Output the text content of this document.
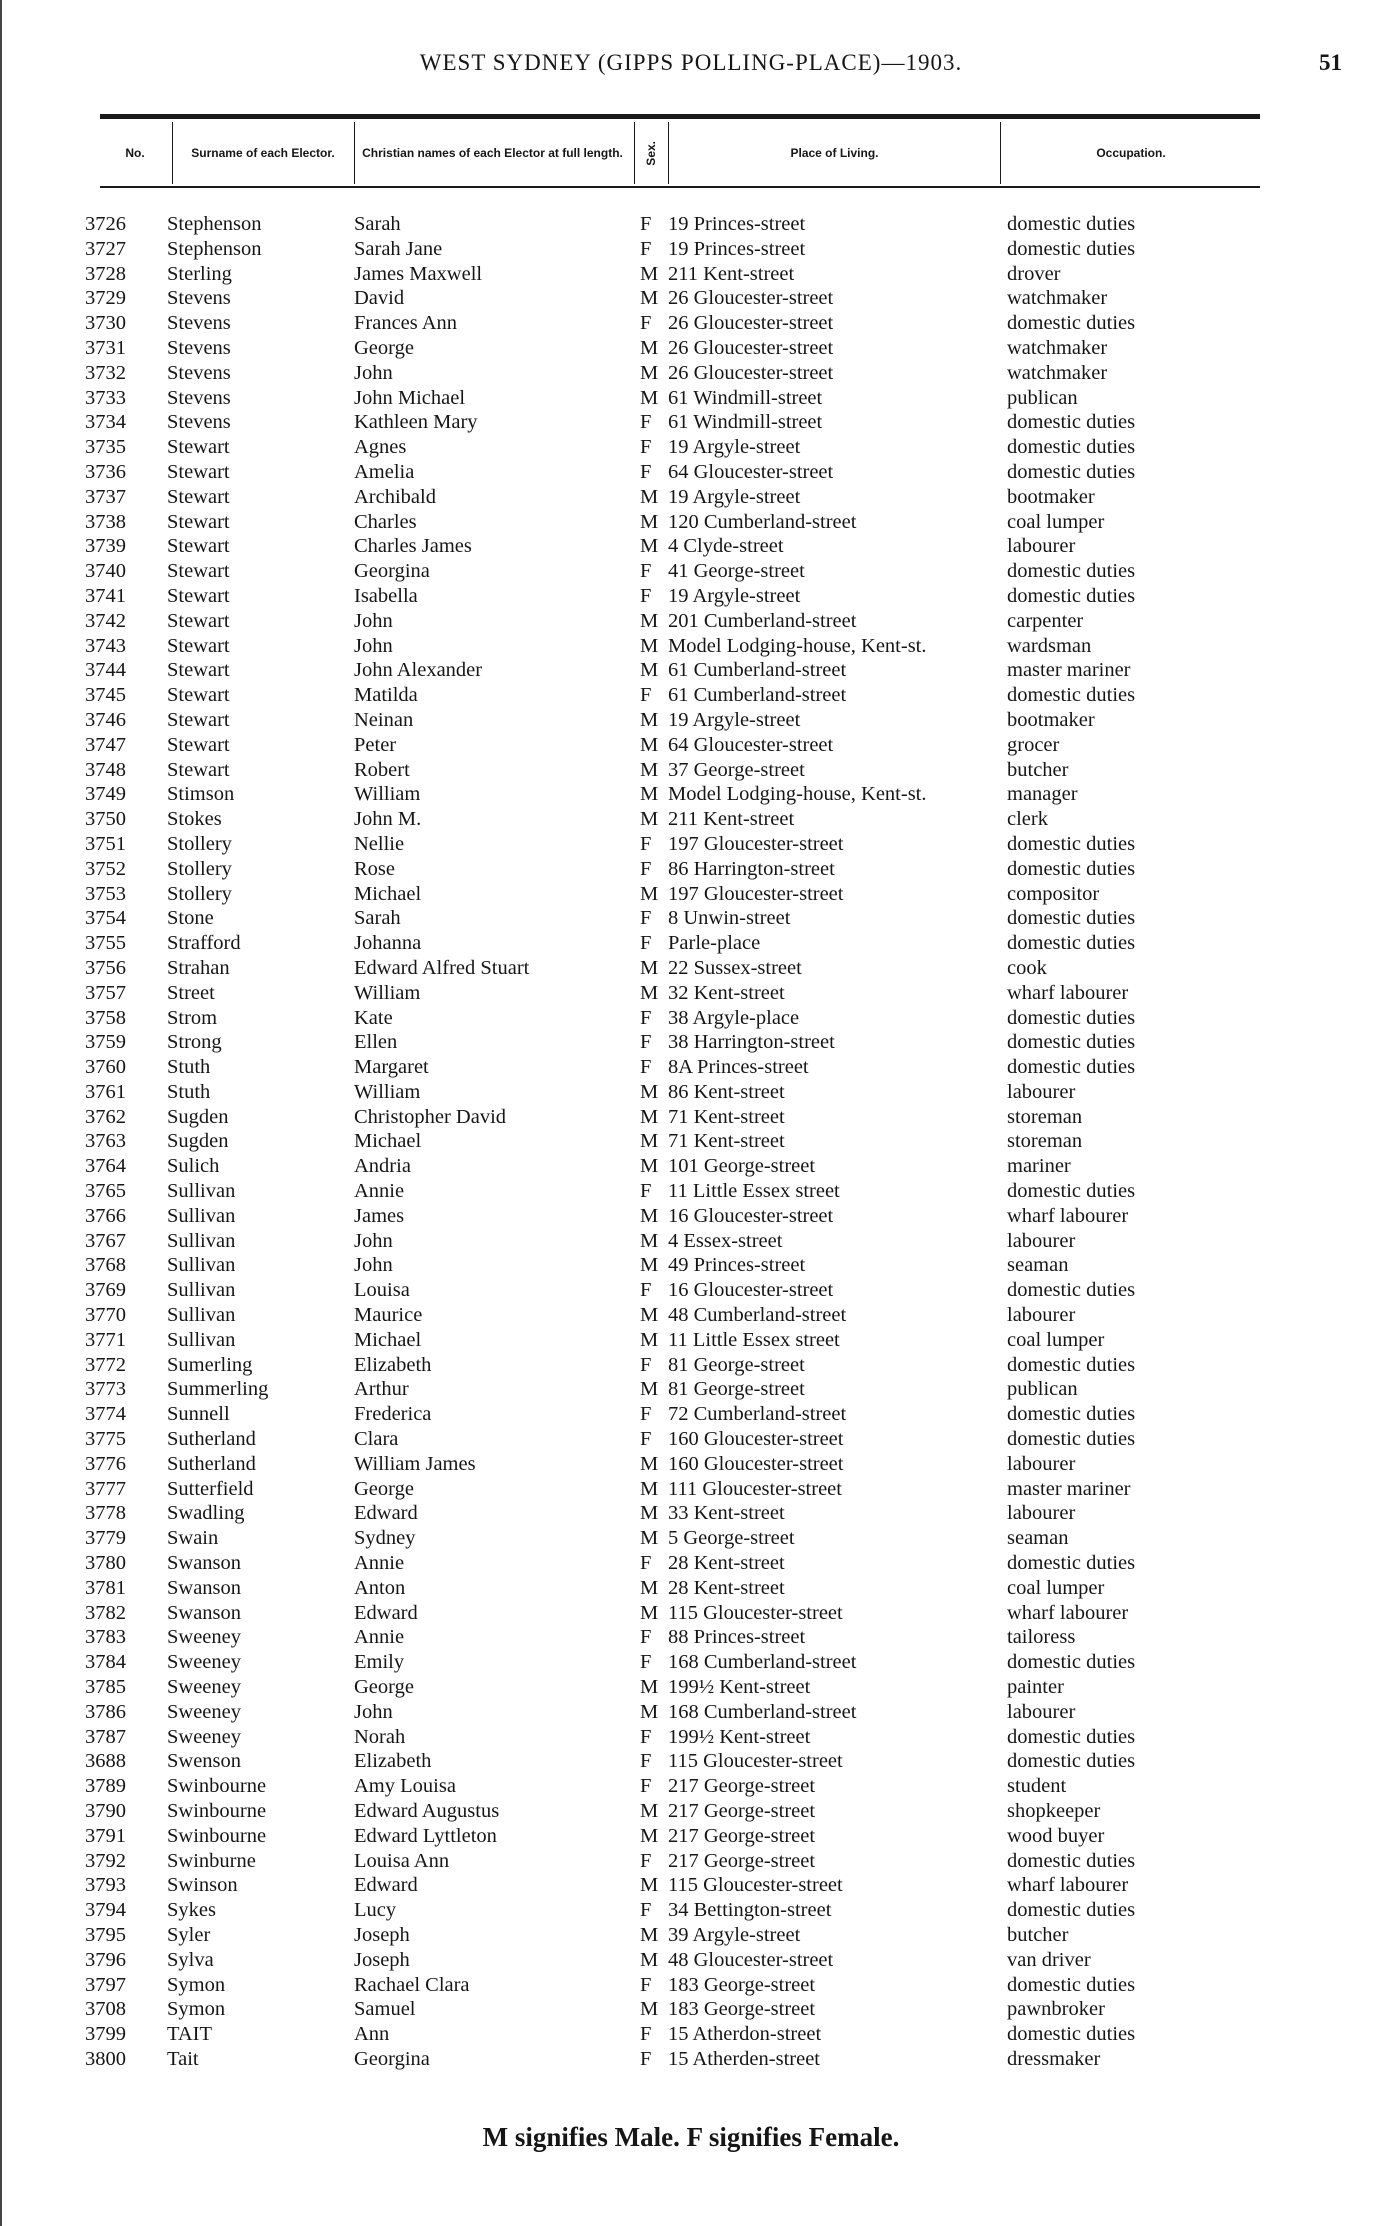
WEST SYDNEY (GIPPS POLLING-PLACE)—1903.	51
No.	Surname of each Elector.	Christian names of each Elector at full length. Sex.	Place of Living.	Occupation.
3726	Stephenson	Sarah	F 19 Princes-street	domestic duties
3727	Stephenson	Sarah Jane	F 19 Princes-street	domestic duties
3728	Sterling	James Maxwell	M 211 Kent-street	drover
3729	Stevens	David	M 26 Gloucester-street	watchmaker
3730	Stevens	Frances Ann	F 26 Gloucester-street	domestic duties
3731	Stevens	George	M 26 Gloucester-street	watchmaker
3732	Stevens	John	M 26 Gloucester-street	watchmaker
3733	Stevens	John Michael	M 61 Windmill-street	publican
3734	Stevens	Kathleen Mary	F 61 Windmill-street	domestic duties
3735	Stewart	Agnes	F 19 Argyle-street	domestic duties
3736	Stewart	Amelia	F 64 Gloucester-street	domestic duties
3737	Stewart	Archibald	M 19 Argyle-street	bootmaker
3738	Stewart	Charles	M 120 Cumberland-street	coal lumper
3739	Stewart	Charles James	M 4 Clyde-street	labourer
3740	Stewart	Georgina	F 41 George-street	domestic duties
3741	Stewart	Isabella	F 19 Argyle-street	domestic duties
3742	Stewart	John	M 201 Cumberland-street	carpenter
3743	Stewart	John	M Model Lodging-house, Kent-st.	wardsman
3744	Stewart	John Alexander	M 61 Cumberland-street	master mariner
3745	Stewart	Matilda	F 61 Cumberland-street	domestic duties
3746	Stewart	Neinan	M 19 Argyle-street	bootmaker
3747	Stewart	Peter	M 64 Gloucester-street	grocer
3748	Stewart	Robert	M 37 George-street	butcher
3749	Stimson	William	M Model Lodging-house, Kent-st.	manager
3750	Stokes	John M.	M 211 Kent-street	clerk
3751	Stollery	Nellie	F 197 Gloucester-street	domestic duties
3752	Stollery	Rose	F 86 Harrington-street	domestic duties
3753	Stollery	Michael	M 197 Gloucester-street	compositor
3754	Stone	Sarah	F 8 Unwin-street	domestic duties
3755	Strafford	Johanna	F Parle-place	domestic duties
3756	Strahan	Edward Alfred Stuart	M 22 Sussex-street	cook
3757	Street	William	M 32 Kent-street	wharf labourer
3758	Strom	Kate	F 38 Argyle-place	domestic duties
3759	Strong	Ellen	F 38 Harrington-street	domestic duties
3760	Stuth	Margaret	F 8A Princes-street	domestic duties
3761	Stuth	William	M 86 Kent-street	labourer
3762	Sugden	Christopher David	M 71 Kent-street	storeman
3763	Sugden	Michael	M 71 Kent-street	storeman
3764	Sulich	Andria	M 101 George-street	mariner
3765	Sullivan	Annie	F 11 Little Essex street	domestic duties
3766	Sullivan	James	M 16 Gloucester-street	wharf labourer
3767	Sullivan	John	M 4 Essex-street	labourer
3768	Sullivan	John	M 49 Princes-street	seaman
3769	Sullivan	Louisa	F 16 Gloucester-street	domestic duties
3770	Sullivan	Maurice	M 48 Cumberland-street	labourer
3771	Sullivan	Michael	M 11 Little Essex street	coal lumper
3772	Sumerling	Elizabeth	F 81 George-street	domestic duties
3773	Summerling	Arthur	M 81 George-street	publican
3774	Sunnell	Frederica	F 72 Cumberland-street	domestic duties
3775	Sutherland	Clara	F 160 Gloucester-street	domestic duties
3776	Sutherland	William James	M 160 Gloucester-street	labourer
3777	Sutterfield	George	M 111 Gloucester-street	master mariner
3778	Swadling	Edward	M 33 Kent-street	labourer
3779	Swain	Sydney	M 5 George-street	seaman
3780	Swanson	Annie	F 28 Kent-street	domestic duties
3781	Swanson	Anton	M 28 Kent-street	coal lumper
3782	Swanson	Edward	M 115 Gloucester-street	wharf labourer
3783	Sweeney	Annie	F 88 Princes-street	tailoress
3784	Sweeney	Emily	F 168 Cumberland-street	domestic duties
3785	Sweeney	George	M 199½ Kent-street	painter
3786	Sweeney	John	M 168 Cumberland-street	labourer
3787	Sweeney	Norah	F 199½ Kent-street	domestic duties
3688	Swenson	Elizabeth	F 115 Gloucester-street	domestic duties
3789	Swinbourne	Amy Louisa	F 217 George-street	student
3790	Swinbourne	Edward Augustus	M 217 George-street	shopkeeper
3791	Swinbourne	Edward Lyttleton	M 217 George-street	wood buyer
3792	Swinburne	Louisa Ann	F 217 George-street	domestic duties
3793	Swinson	Edward	M 115 Gloucester-street	wharf labourer
3794	Sykes	Lucy	F 34 Bettington-street	domestic duties
3795	Syler	Joseph	M 39 Argyle-street	butcher
3796	Sylva	Joseph	M 48 Gloucester-street	van driver
3797	Symon	Rachael Clara	F 183 George-street	domestic duties
3708	Symon	Samuel	M 183 George-street	pawnbroker
3799	TAIT	Ann	F 15 Atherdon-street	domestic duties
3800	Tait	Georgina	F 15 Atherden-street	dressmaker
M signifies Male. F signifies Female.
